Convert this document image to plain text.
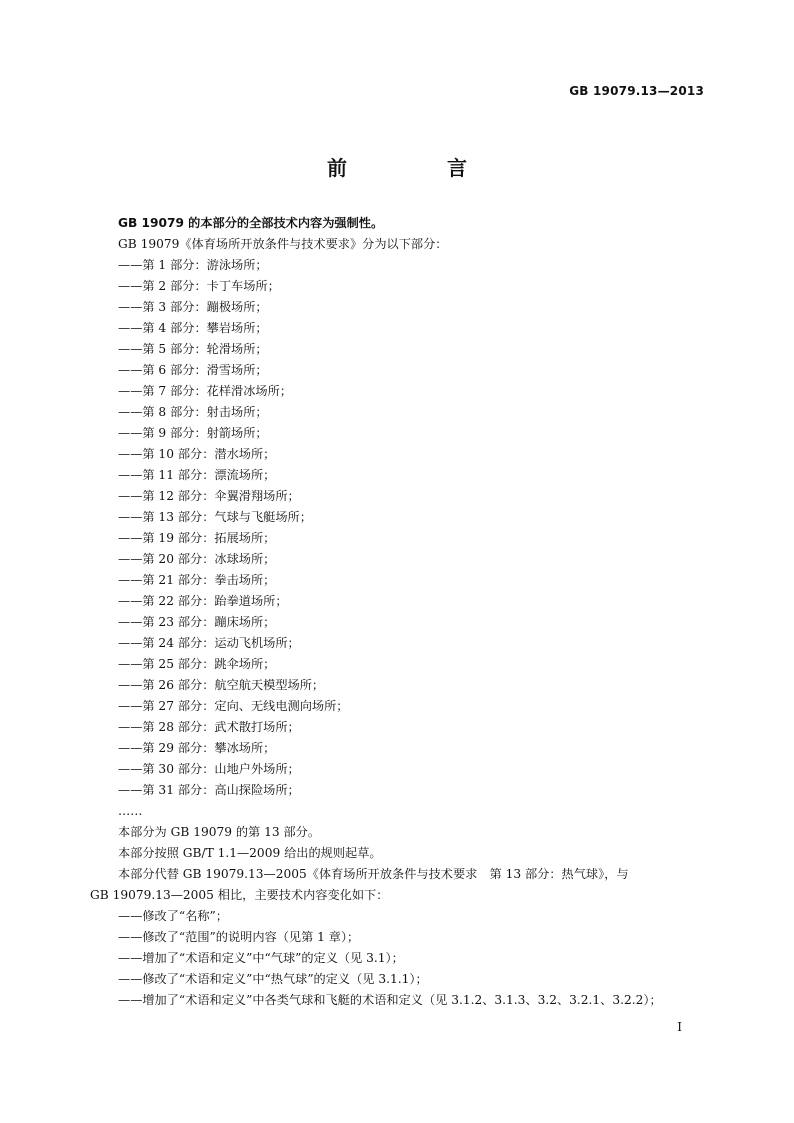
GB 19079.13—2013
前　言
GB 19079 的本部分的全部技术内容为强制性。
GB 19079《体育场所开放条件与技术要求》分为以下部分：
——第 1 部分：游泳场所；
——第 2 部分：卡丁车场所；
——第 3 部分：蹦极场所；
——第 4 部分：攀岩场所；
——第 5 部分：轮滑场所；
——第 6 部分：滑雪场所；
——第 7 部分：花样滑冰场所；
——第 8 部分：射击场所；
——第 9 部分：射箭场所；
——第 10 部分：潜水场所；
——第 11 部分：漂流场所；
——第 12 部分：伞翼滑翔场所；
——第 13 部分：气球与飞艇场所；
——第 19 部分：拓展场所；
——第 20 部分：冰球场所；
——第 21 部分：拳击场所；
——第 22 部分：跆拳道场所；
——第 23 部分：蹦床场所；
——第 24 部分：运动飞机场所；
——第 25 部分：跳伞场所；
——第 26 部分：航空航天模型场所；
——第 27 部分：定向、无线电测向场所；
——第 28 部分：武术散打场所；
——第 29 部分：攀冰场所；
——第 30 部分：山地户外场所；
——第 31 部分：高山探险场所；
……
本部分为 GB 19079 的第 13 部分。
本部分按照 GB/T 1.1—2009 给出的规则起草。
本部分代替 GB 19079.13—2005《体育场所开放条件与技术要求　第 13 部分：热气球》，与
GB 19079.13—2005 相比，主要技术内容变化如下：
——修改了“名称”；
——修改了“范围”的说明内容（见第 1 章）；
——增加了“术语和定义”中“气球”的定义（见 3.1）；
——修改了“术语和定义”中“热气球”的定义（见 3.1.1）；
——增加了“术语和定义”中各类气球和飞艇的术语和定义（见 3.1.2、3.1.3、3.2、3.2.1、3.2.2）；
I
